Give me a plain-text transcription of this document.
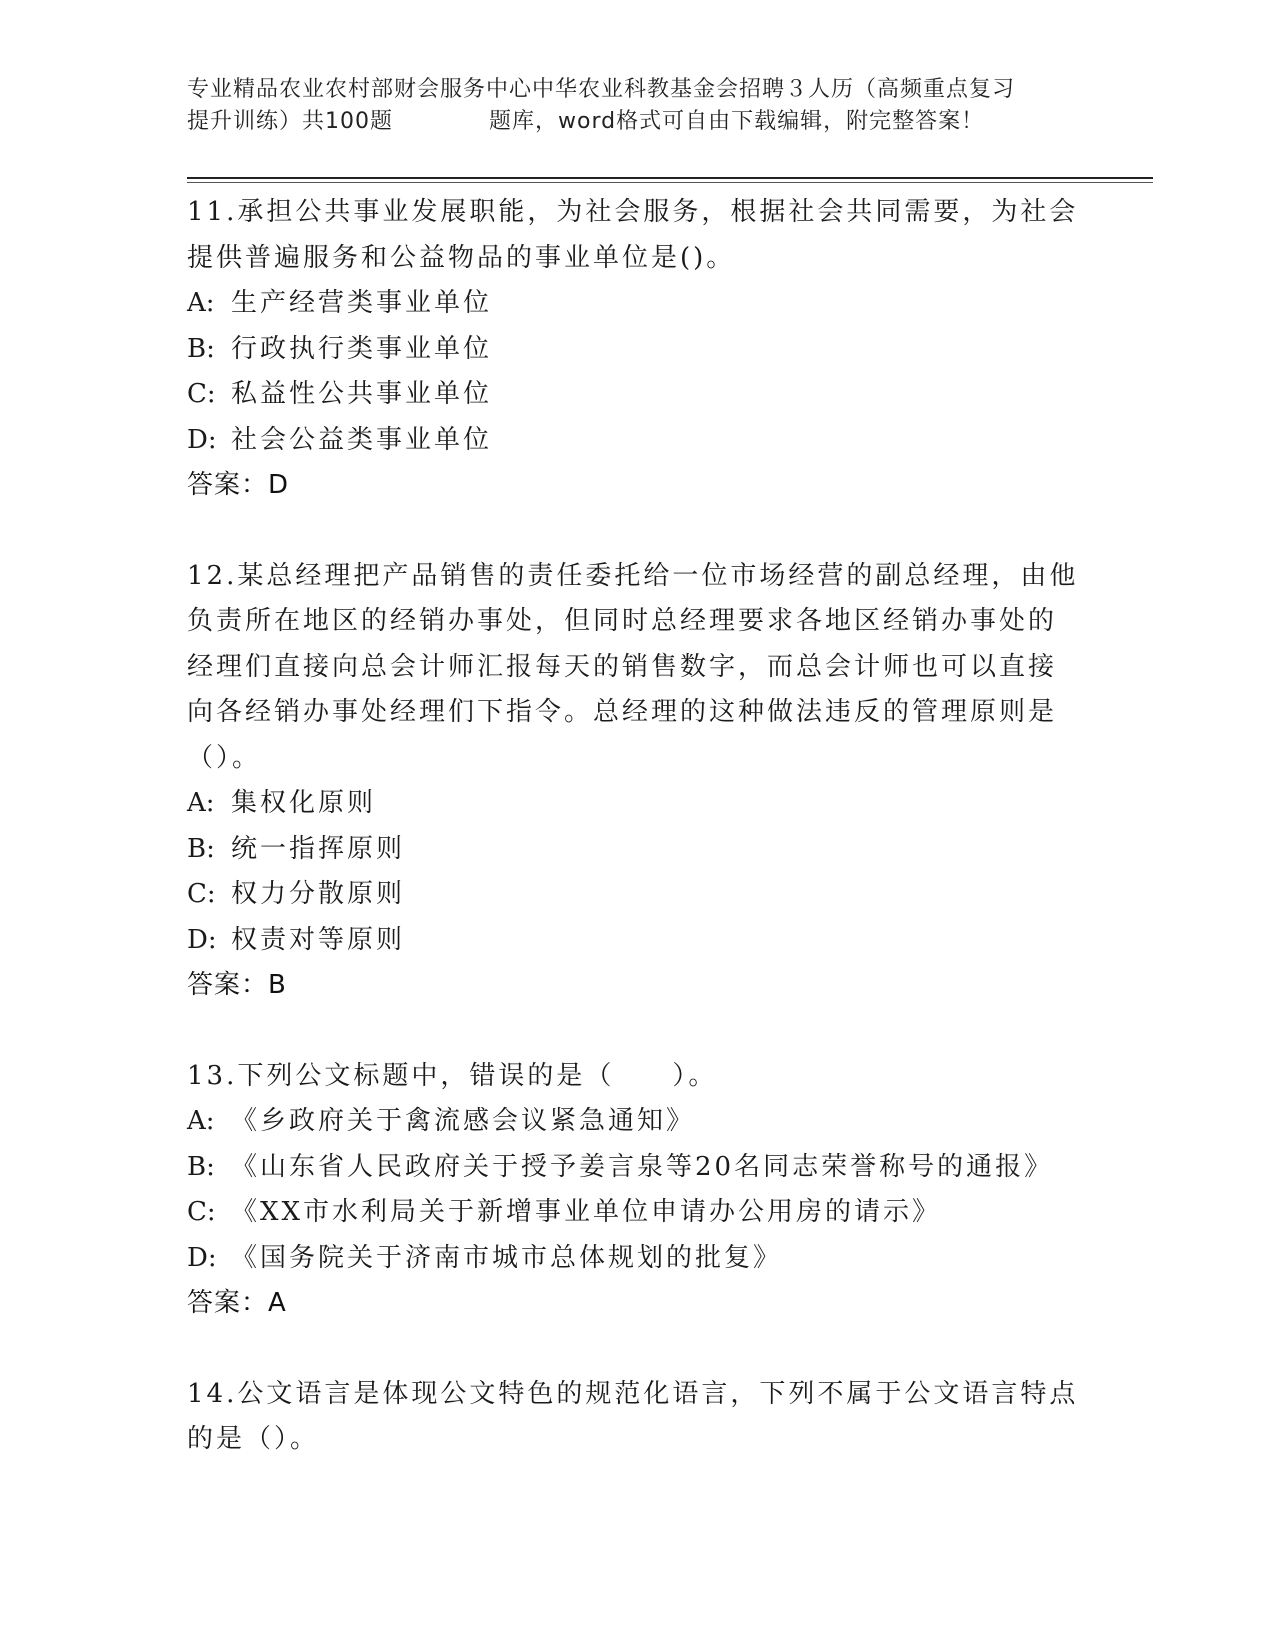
专业精品农业农村部财会服务中心中华农业科教基金会招聘３人历（高频重点复习
提升训练）共100题	题库，word格式可自由下载编辑，附完整答案！
11.承担公共事业发展职能，为社会服务，根据社会共同需要，为社会
提供普遍服务和公益物品的事业单位是()。
A: 生产经营类事业单位
B: 行政执行类事业单位
C: 私益性公共事业单位
D: 社会公益类事业单位
答案：D
12.某总经理把产品销售的责任委托给一位市场经营的副总经理，由他
负责所在地区的经销办事处，但同时总经理要求各地区经销办事处的
经理们直接向总会计师汇报每天的销售数字，而总会计师也可以直接
向各经销办事处经理们下指令。总经理的这种做法违反的管理原则是
（）。
A: 集权化原则
B: 统一指挥原则
C: 权力分散原则
D: 权责对等原则
答案：B
13.下列公文标题中，错误的是（　　）。
A: 《乡政府关于禽流感会议紧急通知》
B: 《山东省人民政府关于授予姜言泉等20名同志荣誉称号的通报》
C: 《XX市水利局关于新增事业单位申请办公用房的请示》
D: 《国务院关于济南市城市总体规划的批复》
答案：A
14.公文语言是体现公文特色的规范化语言，下列不属于公文语言特点
的是（）。
